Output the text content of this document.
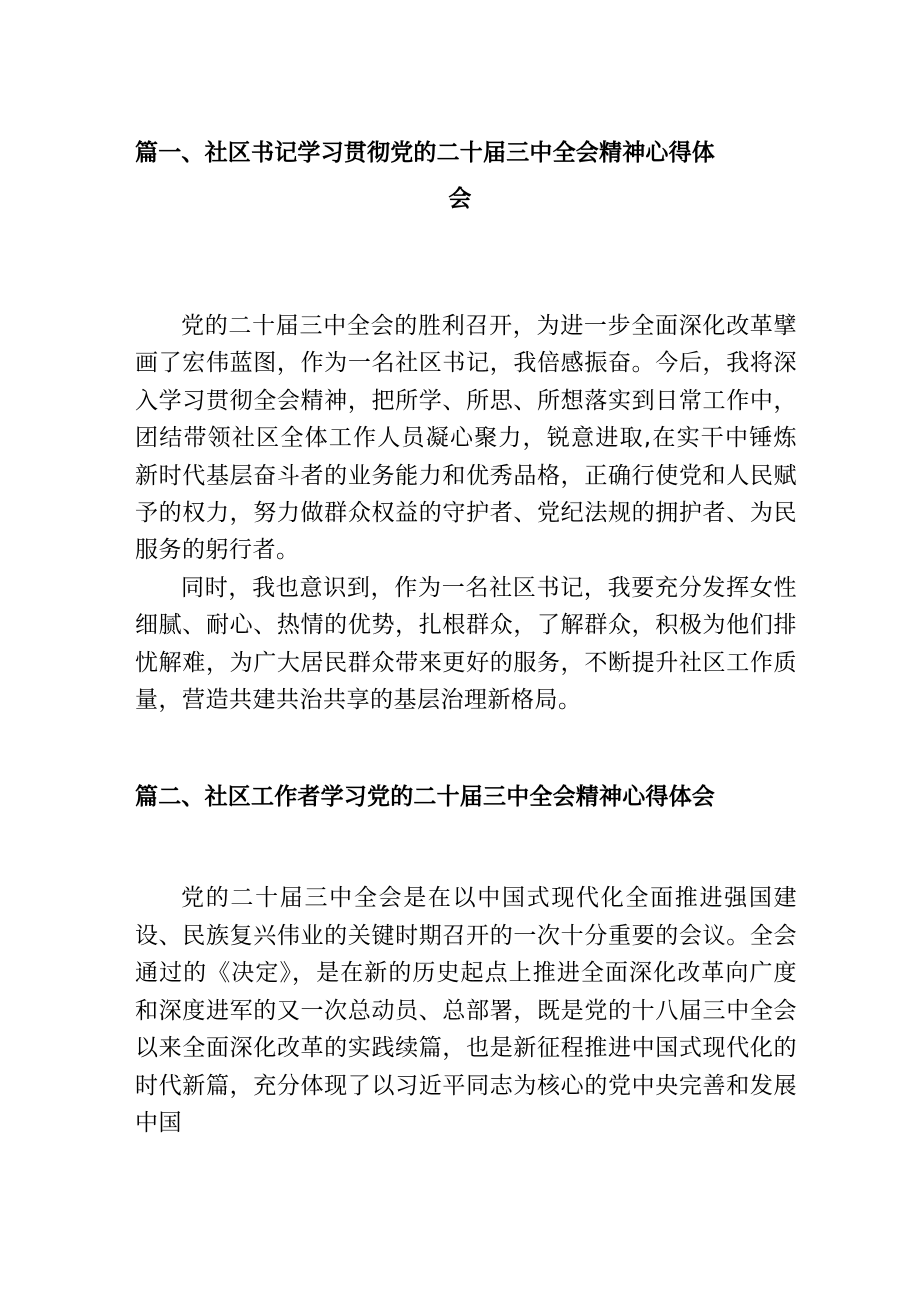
篇一、社区书记学习贯彻党的二十届三中全会精神心得体
会

党的二十届三中全会的胜利召开，为进一步全面深化改革擘画了宏伟蓝图，作为一名社区书记，我倍感振奋。今后，我将深入学习贯彻全会精神，把所学、所思、所想落实到日常工作中，团结带领社区全体工作人员凝心聚力，锐意进取,在实干中锤炼新时代基层奋斗者的业务能力和优秀品格，正确行使党和人民赋予的权力，努力做群众权益的守护者、党纪法规的拥护者、为民服务的躬行者。

同时，我也意识到，作为一名社区书记，我要充分发挥女性细腻、耐心、热情的优势，扎根群众，了解群众，积极为他们排忧解难，为广大居民群众带来更好的服务，不断提升社区工作质量，营造共建共治共享的基层治理新格局。

篇二、社区工作者学习党的二十届三中全会精神心得体会

党的二十届三中全会是在以中国式现代化全面推进强国建设、民族复兴伟业的关键时期召开的一次十分重要的会议。全会通过的《决定》，是在新的历史起点上推进全面深化改革向广度和深度进军的又一次总动员、总部署，既是党的十八届三中全会以来全面深化改革的实践续篇，也是新征程推进中国式现代化的时代新篇，充分体现了以习近平同志为核心的党中央完善和发展中国
